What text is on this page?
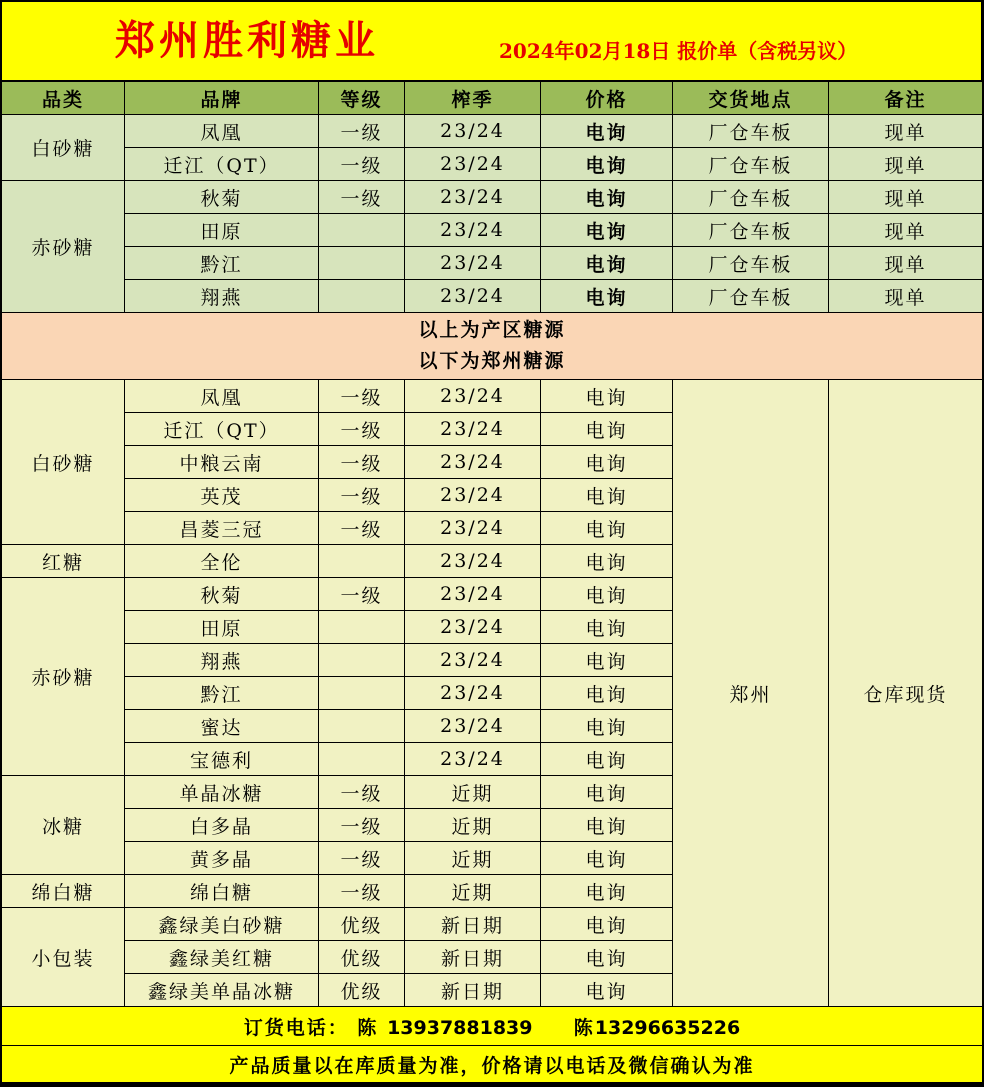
郑州胜利糖业	2024年02月18日 报价单（含税另议）
品类	品牌	等级	榨季	价格	交货地点	备注
白砂糖	凤凰	一级	23/24	电询	厂仓车板	现单
	迁江（QT）	一级	23/24	电询	厂仓车板	现单
赤砂糖	秋菊	一级	23/24	电询	厂仓车板	现单
	田原		23/24	电询	厂仓车板	现单
	黔江		23/24	电询	厂仓车板	现单
	翔燕		23/24	电询	厂仓车板	现单

以上为产区糖源
以下为郑州糖源						

白砂糖	凤凰	一级	23/24	电询	郑州	仓库现货
	迁江（QT）	一级	23/24	电询		
	中粮云南	一级	23/24	电询		
	英茂	一级	23/24	电询		
	昌菱三冠	一级	23/24	电询		
红糖	全伦		23/24	电询		
赤砂糖	秋菊	一级	23/24	电询		
	田原		23/24	电询		
	翔燕		23/24	电询		
	黔江		23/24	电询		
	蜜达		23/24	电询		
	宝德利		23/24	电询		
冰糖	单晶冰糖	一级	近期	电询		
	白多晶	一级	近期	电询		
	黄多晶	一级	近期	电询		
绵白糖	绵白糖	一级	近期	电询		
小包装	鑫绿美白砂糖	优级	新日期	电询		
	鑫绿美红糖	优级	新日期	电询		
	鑫绿美单晶冰糖	优级	新日期	电询		
订货电话： 陈 13937881839 陈13296635226						
产品质量以在库质量为准，价格请以电话及微信确认为准						
